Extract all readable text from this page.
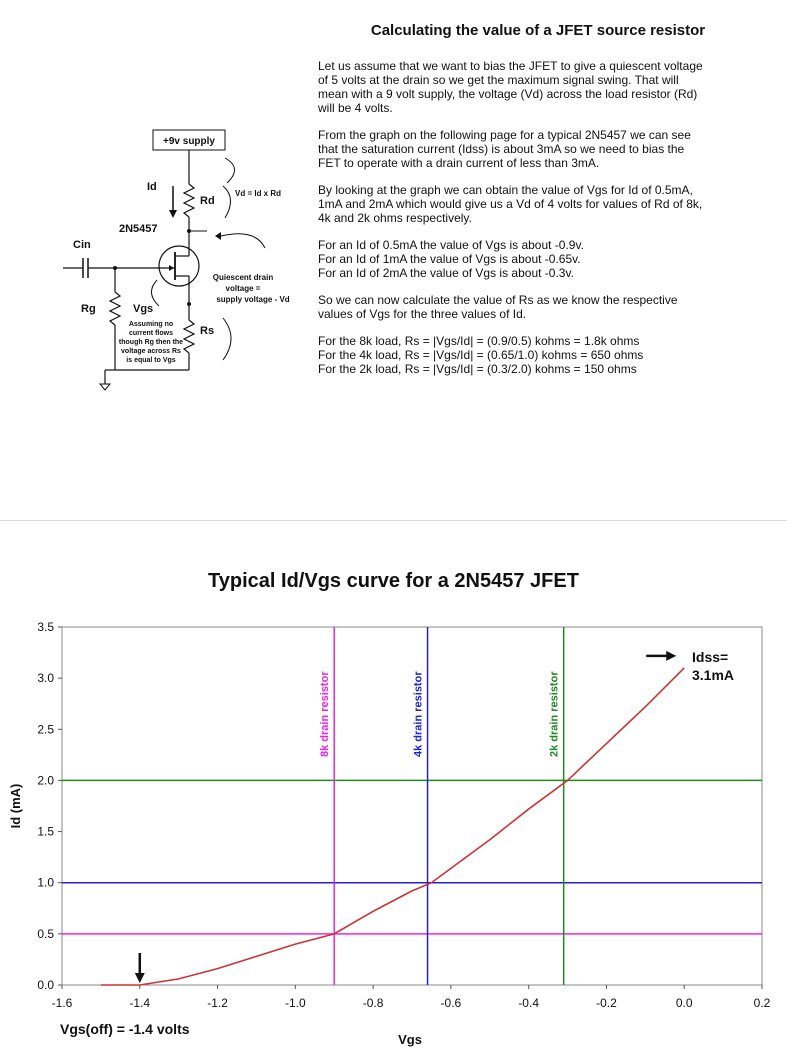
Calculating the value of a JFET source resistor

Let us assume that we want to bias the JFET to give a quiescent voltage
of 5 volts at the drain so we get the maximum signal swing. That will
mean with a 9 volt supply, the voltage (Vd) across the load resistor (Rd)
will be 4 volts.

From the graph on the following page for a typical 2N5457 we can see
that the saturation current (Idss) is about 3mA so we need to bias the
FET to operate with a drain current of less than 3mA.

By looking at the graph we can obtain the value of Vgs for Id of 0.5mA,
1mA and 2mA which would give us a Vd of 4 volts for values of Rd of 8k,
4k and 2k ohms respectively.

For an Id of 0.5mA the value of Vgs is about -0.9v.
For an Id of 1mA the value of Vgs is about -0.65v.
For an Id of 2mA the value of Vgs is about -0.3v.

So we can now calculate the value of Rs as we know the respective
values of Vgs for the three values of Id.

For the 8k load, Rs = |Vgs/Id| = (0.9/0.5) kohms = 1.8k ohms
For the 4k load, Rs = |Vgs/Id| = (0.65/1.0) kohms = 650 ohms
For the 2k load, Rs = |Vgs/Id| = (0.3/2.0) kohms = 150 ohms

+9v supply
Id
Rd
Vd = Id x Rd
2N5457
Cin
Rg	Vgs
Rs
Quiescent drain
voltage =
supply voltage - Vd
Assuming no
current flows
though Rg then the
voltage across Rs
is equal to Vgs
Typical Id/Vgs curve for a 2N5457 JFET
8k drain resistor	4k drain resistor	2k drain resistor
0.0
0.5
1.0
1.5
2.0
2.5
3.0
3.5
-1.6	-1.4	-1.2	-1.0	-0.8	-0.6	-0.4	-0.2	0.0	0.2
Id (mA)
Vgs
Idss=
3.1mA
Vgs(off) = -1.4 volts
